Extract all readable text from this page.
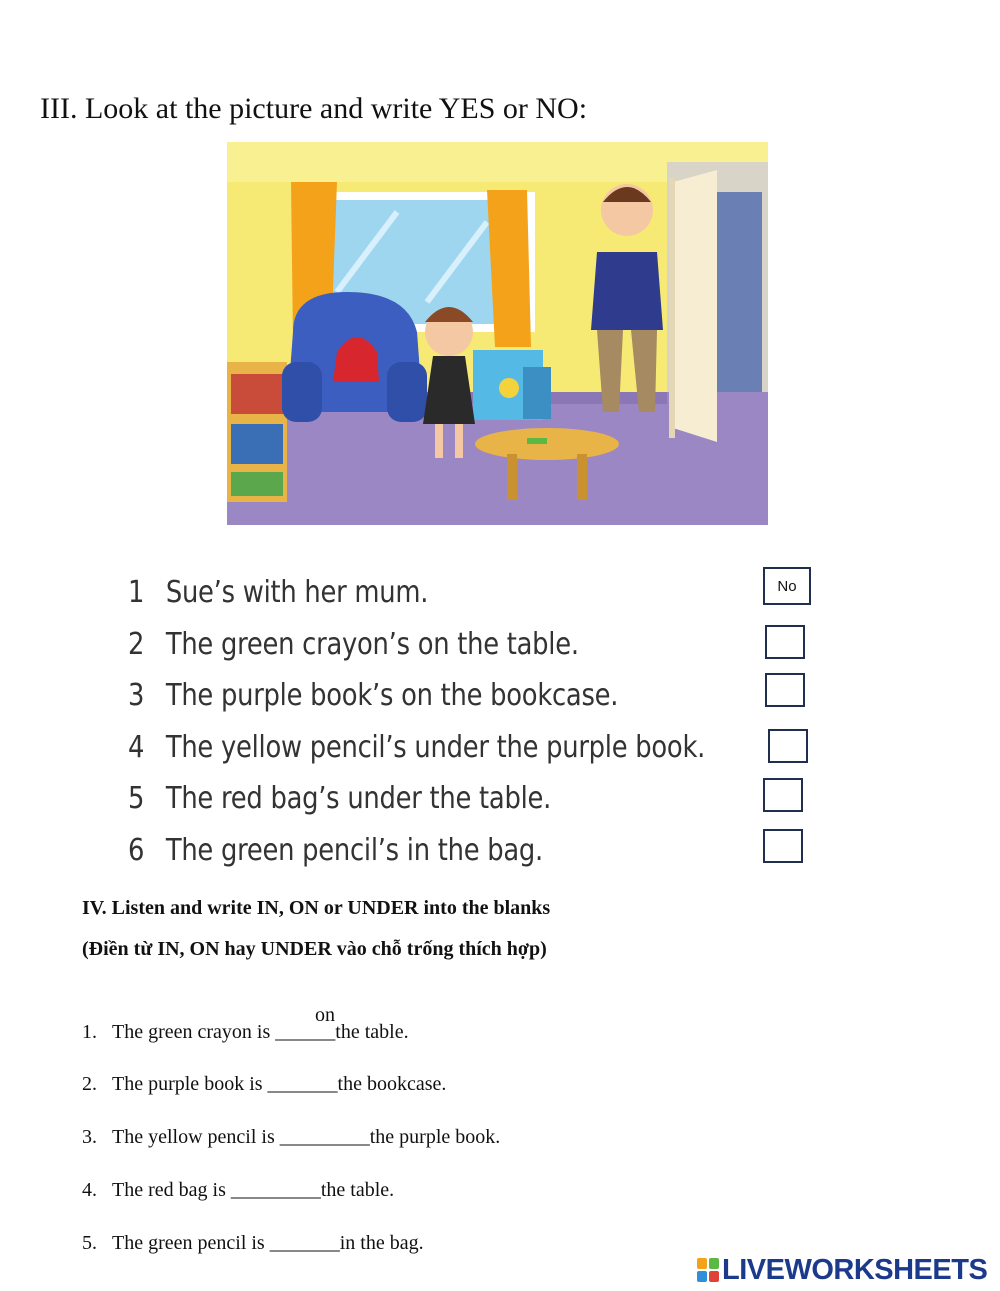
III. Look at the picture and write YES or NO:
1 Sue’s with her mum.
2 The green crayon’s on the table.
3 The purple book’s on the bookcase.
4 The yellow pencil’s under the purple book.
5 The red bag’s under the table.
6 The green pencil’s in the bag.
No
IV. Listen and write IN, ON or UNDER into the blanks
(Điền từ IN, ON hay UNDER vào chỗ trống thích hợp)
on
1. The green crayon is ______the table.
2. The purple book is _______the bookcase.
3. The yellow pencil is _________the purple book.
4. The red bag is _________the table.
5. The green pencil is _______in the bag.
LIVEWORKSHEETS
